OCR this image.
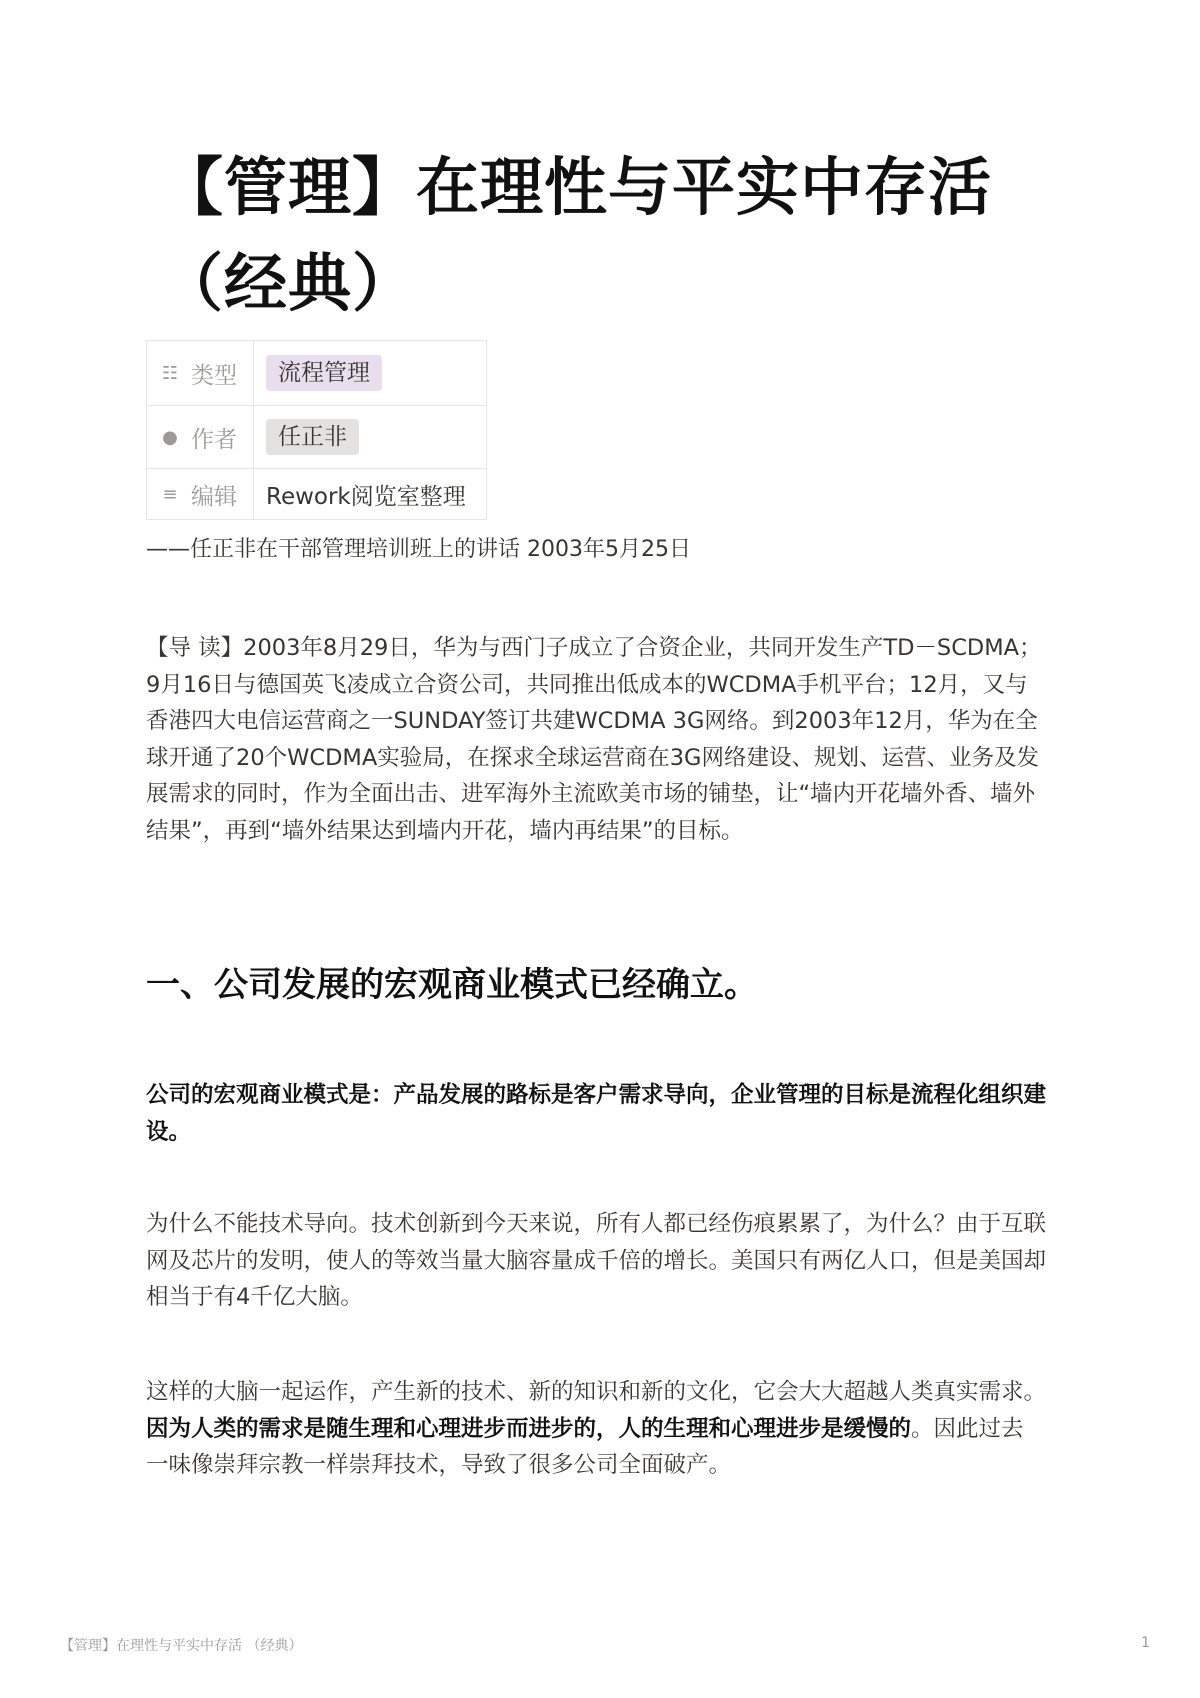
【管理】在理性与平实中存活
（经典）
☷ 类型	流程管理
● 作者	任正非
≡ 编辑	Rework阅览室整理

——任正非在干部管理培训班上的讲话 2003年5月25日

【导 读】2003年8月29日，华为与西门子成立了合资企业，共同开发生产TD－SCDMA；9月16日与德国英飞凌成立合资公司，共同推出低成本的WCDMA手机平台；12月，又与香港四大电信运营商之一SUNDAY签订共建WCDMA 3G网络。到2003年12月，华为在全球开通了20个WCDMA实验局，在探求全球运营商在3G网络建设、规划、运营、业务及发展需求的同时，作为全面出击、进军海外主流欧美市场的铺垫，让“墙内开花墙外香、墙外结果”，再到“墙外结果达到墙内开花，墙内再结果”的目标。

一、公司发展的宏观商业模式已经确立。

公司的宏观商业模式是：产品发展的路标是客户需求导向，企业管理的目标是流程化组织建设。

为什么不能技术导向。技术创新到今天来说，所有人都已经伤痕累累了，为什么？由于互联网及芯片的发明，使人的等效当量大脑容量成千倍的增长。美国只有两亿人口，但是美国却相当于有4千亿大脑。

这样的大脑一起运作，产生新的技术、新的知识和新的文化，它会大大超越人类真实需求。因为人类的需求是随生理和心理进步而进步的，人的生理和心理进步是缓慢的。因此过去一味像崇拜宗教一样崇拜技术，导致了很多公司全面破产。

【管理】在理性与平实中存活 （经典）	1
